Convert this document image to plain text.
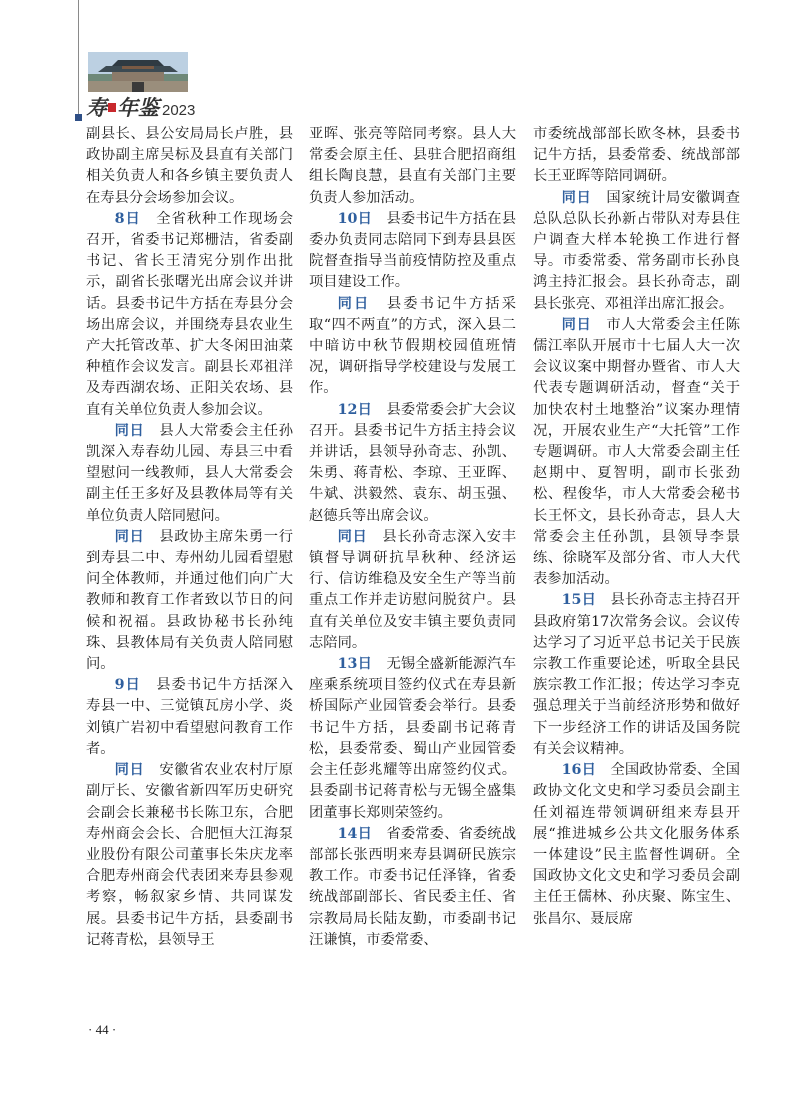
寿 年鉴 2023

副县长、县公安局局长卢胜，县政协副主席吴标及县直有关部门相关负责人和各乡镇主要负责人在寿县分会场参加会议。

8日　 全省秋种工作现场会召开，省委书记郑栅洁，省委副书记、省长王清宪分别作出批示，副省长张曙光出席会议并讲话。县委书记牛方括在寿县分会场出席会议，并围绕寿县农业生产大托管改革、扩大冬闲田油菜种植作会议发言。副县长邓祖洋及寿西湖农场、正阳关农场、县直有关单位负责人参加会议。

同日　 县人大常委会主任孙凯深入寿春幼儿园、寿县三中看望慰问一线教师，县人大常委会副主任王多好及县教体局等有关单位负责人陪同慰问。

同日　 县政协主席朱勇一行到寿县二中、寿州幼儿园看望慰问全体教师，并通过他们向广大教师和教育工作者致以节日的问候和祝福。县政协秘书长孙纯珠、县教体局有关负责人陪同慰问。

9日　 县委书记牛方括深入寿县一中、三觉镇瓦房小学、炎刘镇广岩初中看望慰问教育工作者。

同日　 安徽省农业农村厅原副厅长、安徽省新四军历史研究会副会长兼秘书长陈卫东，合肥寿州商会会长、合肥恒大江海泵业股份有限公司董事长朱庆龙率合肥寿州商会代表团来寿县参观考察，畅叙家乡情、共同谋发展。县委书记牛方括，县委副书记蒋青松，县领导王

亚晖、张亮等陪同考察。县人大常委会原主任、县驻合肥招商组组长陶良慧，县直有关部门主要负责人参加活动。

10日　 县委书记牛方括在县委办负责同志陪同下到寿县县医院督查指导当前疫情防控及重点项目建设工作。

同日　 县委书记牛方括采取“四不两直”的方式，深入县二中暗访中秋节假期校园值班情况，调研指导学校建设与发展工作。

12日　 县委常委会扩大会议召开。县委书记牛方括主持会议并讲话，县领导孙奇志、孙凯、朱勇、蒋青松、李琼、王亚晖、牛斌、洪毅然、袁东、胡玉强、赵德兵等出席会议。

同日　 县长孙奇志深入安丰镇督导调研抗旱秋种、经济运行、信访维稳及安全生产等当前重点工作并走访慰问脱贫户。县直有关单位及安丰镇主要负责同志陪同。

13日　 无锡全盛新能源汽车座乘系统项目签约仪式在寿县新桥国际产业园管委会举行。县委书记牛方括，县委副书记蒋青松，县委常委、蜀山产业园管委会主任彭兆耀等出席签约仪式。县委副书记蒋青松与无锡全盛集团董事长郑则荣签约。

14日　 省委常委、省委统战部部长张西明来寿县调研民族宗教工作。市委书记任泽锋，省委统战部副部长、省民委主任、省宗教局局长陆友勤，市委副书记汪谦慎，市委常委、

市委统战部部长欧冬林，县委书记牛方括，县委常委、统战部部长王亚晖等陪同调研。

同日　 国家统计局安徽调查总队总队长孙新占带队对寿县住户调查大样本轮换工作进行督导。市委常委、常务副市长孙良鸿主持汇报会。县长孙奇志，副县长张亮、邓祖洋出席汇报会。

同日　 市人大常委会主任陈儒江率队开展市十七届人大一次会议议案中期督办暨省、市人大代表专题调研活动，督查“关于加快农村土地整治”议案办理情况，开展农业生产“大托管”工作专题调研。市人大常委会副主任赵期中、夏智明，副市长张劲松、程俊华，市人大常委会秘书长王怀文，县长孙奇志，县人大常委会主任孙凯，县领导李景练、徐晓军及部分省、市人大代表参加活动。

15日　 县长孙奇志主持召开县政府第17次常务会议。会议传达学习了习近平总书记关于民族宗教工作重要论述，听取全县民族宗教工作汇报；传达学习李克强总理关于当前经济形势和做好下一步经济工作的讲话及国务院有关会议精神。

16日　 全国政协常委、全国政协文化文史和学习委员会副主任刘福连带领调研组来寿县开展“推进城乡公共文化服务体系一体建设”民主监督性调研。全国政协文化文史和学习委员会副主任王儒林、孙庆聚、陈宝生、张昌尔、聂辰席

· 44 ·
